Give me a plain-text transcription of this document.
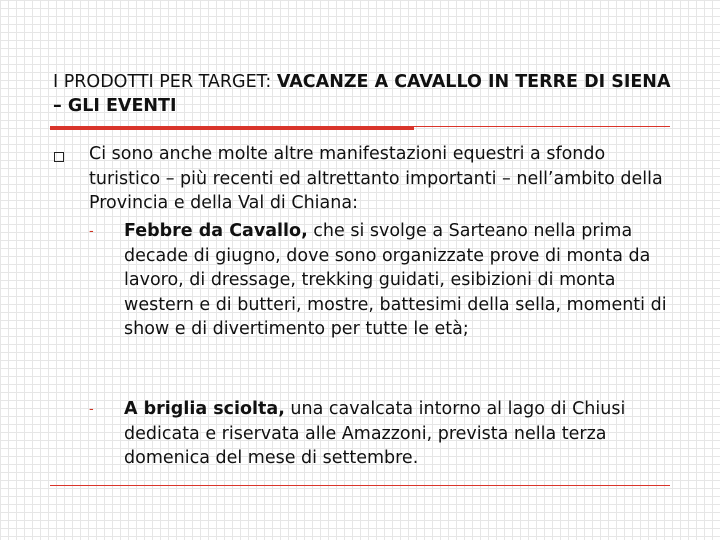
I PRODOTTI PER TARGET: VACANZE A CAVALLO IN TERRE DI SIENA – GLI EVENTI

Ci sono anche molte altre manifestazioni equestri a sfondo turistico – più recenti ed altrettanto importanti – nell’ambito della Provincia e della Val di Chiana:

- Febbre da Cavallo, che si svolge a Sarteano nella prima decade di giugno, dove sono organizzate prove di monta da lavoro, di dressage, trekking guidati, esibizioni di monta western e di butteri, mostre, battesimi della sella, momenti di show e di divertimento per tutte le età;

- A briglia sciolta, una cavalcata intorno al lago di Chiusi dedicata e riservata alle Amazzoni, prevista nella terza domenica del mese di settembre.
